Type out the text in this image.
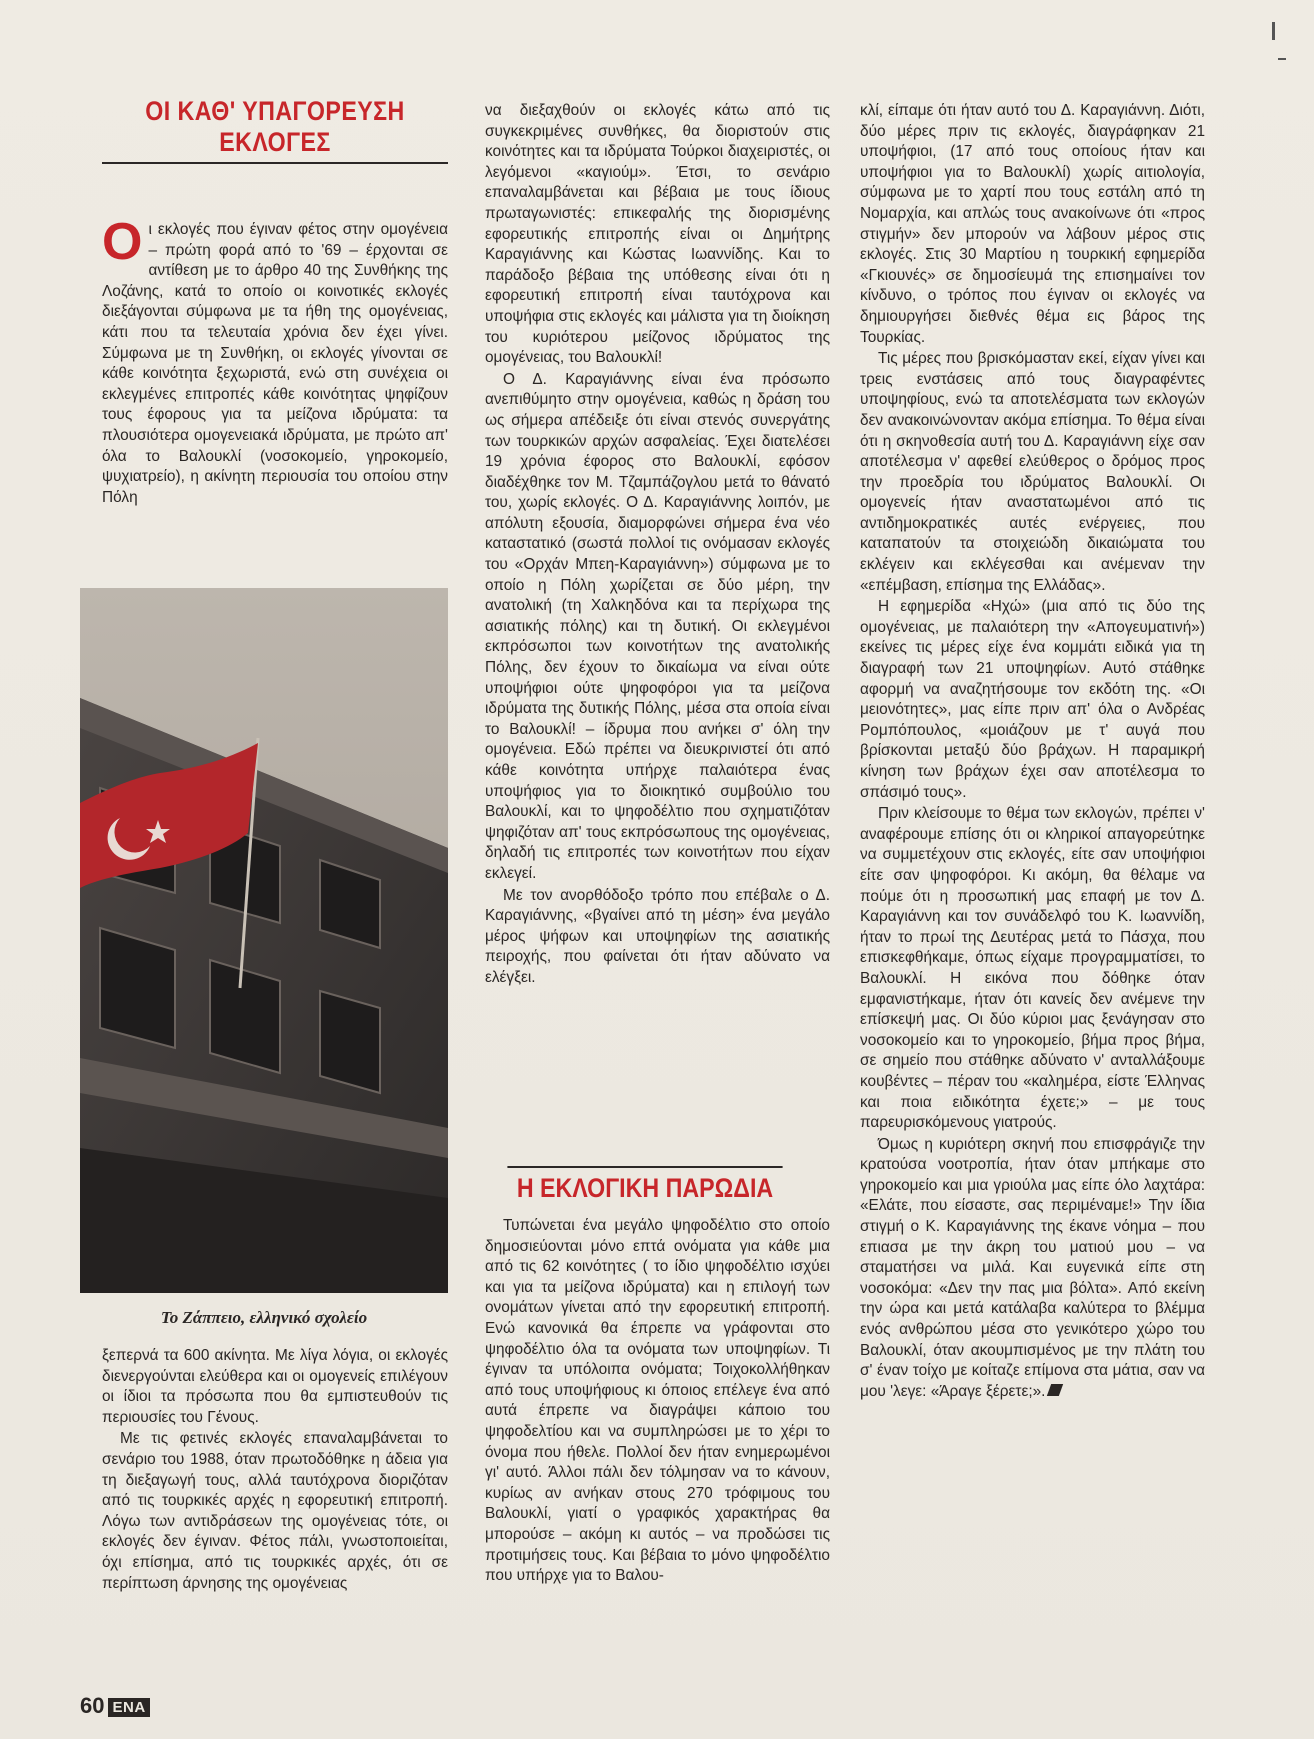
ΟΙ ΚΑΘ' ΥΠΑΓΟΡΕΥΣΗ ΕΚΛΟΓΕΣ

Οι εκλογές που έγιναν φέτος στην ομογένεια – πρώτη φορά από το '69 – έρχονται σε αντίθεση με το άρθρο 40 της Συνθήκης της Λοζάνης, κατά το οποίο οι κοινοτικές εκλογές διεξάγονται σύμφωνα με τα ήθη της ομογένειας, κάτι που τα τελευταία χρόνια δεν έχει γίνει. Σύμφωνα με τη Συνθήκη, οι εκλογές γίνονται σε κάθε κοινότητα ξεχωριστά, ενώ στη συνέχεια οι εκλεγμένες επιτροπές κάθε κοινότητας ψηφίζουν τους έφορους για τα μείζονα ιδρύματα: τα πλουσιότερα ομογενειακά ιδρύματα, με πρώτο απ' όλα το Βαλουκλί (νοσοκομείο, γηροκομείο, ψυχιατρείο), η ακίνητη περιουσία του οποίου στην Πόλη

Το Ζάππειο, ελληνικό σχολείο

ξεπερνά τα 600 ακίνητα. Με λίγα λόγια, οι εκλογές διενεργούνται ελεύθερα και οι ομογενείς επιλέγουν οι ίδιοι τα πρόσωπα που θα εμπιστευθούν τις περιουσίες του Γένους.

Με τις φετινές εκλογές επαναλαμβάνεται το σενάριο του 1988, όταν πρωτοδόθηκε η άδεια για τη διεξαγωγή τους, αλλά ταυτόχρονα διοριζόταν από τις τουρκικές αρχές η εφορευτική επιτροπή. Λόγω των αντιδράσεων της ομογένειας τότε, οι εκλογές δεν έγιναν. Φέτος πάλι, γνωστοποιείται, όχι επίσημα, από τις τουρκικές αρχές, ότι σε περίπτωση άρνησης της ομογένειας

να διεξαχθούν οι εκλογές κάτω από τις συγκεκριμένες συνθήκες, θα διοριστούν στις κοινότητες και τα ιδρύματα Τούρκοι διαχειριστές, οι λεγόμενοι «καγιούμ». Έτσι, το σενάριο επαναλαμβάνεται και βέβαια με τους ίδιους πρωταγωνιστές: επικεφαλής της διορισμένης εφορευτικής επιτροπής είναι οι Δημήτρης Καραγιάννης και Κώστας Ιωαννίδης. Και το παράδοξο βέβαια της υπόθεσης είναι ότι η εφορευτική επιτροπή είναι ταυτόχρονα και υποψήφια στις εκλογές και μάλιστα για τη διοίκηση του κυριότερου μείζονος ιδρύματος της ομογένειας, του Βαλουκλί!

Ο Δ. Καραγιάννης είναι ένα πρόσωπο ανεπιθύμητο στην ομογένεια, καθώς η δράση του ως σήμερα απέδειξε ότι είναι στενός συνεργάτης των τουρκικών αρχών ασφαλείας. Έχει διατελέσει 19 χρόνια έφορος στο Βαλουκλί, εφόσον διαδέχθηκε τον Μ. Τζαμπάζογλου μετά το θάνατό του, χωρίς εκλογές. Ο Δ. Καραγιάννης λοιπόν, με απόλυτη εξουσία, διαμορφώνει σήμερα ένα νέο καταστατικό (σωστά πολλοί τις ονόμασαν εκλογές του «Ορχάν Μπεη-Καραγιάννη») σύμφωνα με το οποίο η Πόλη χωρίζεται σε δύο μέρη, την ανατολική (τη Χαλκηδόνα και τα περίχωρα της ασιατικής πόλης) και τη δυτική. Οι εκλεγμένοι εκπρόσωποι των κοινοτήτων της ανατολικής Πόλης, δεν έχουν το δικαίωμα να είναι ούτε υποψήφιοι ούτε ψηφοφόροι για τα μείζονα ιδρύματα της δυτικής Πόλης, μέσα στα οποία είναι το Βαλουκλί! – ίδρυμα που ανήκει σ' όλη την ομογένεια. Εδώ πρέπει να διευκρινιστεί ότι από κάθε κοινότητα υπήρχε παλαιότερα ένας υποψήφιος για το διοικητικό συμβούλιο του Βαλουκλί, και το ψηφοδέλτιο που σχηματιζόταν ψηφιζόταν απ' τους εκπρόσωπους της ομογένειας, δηλαδή τις επιτροπές των κοινοτήτων που είχαν εκλεγεί.

Με τον ανορθόδοξο τρόπο που επέβαλε ο Δ. Καραγιάννης, «βγαίνει από τη μέση» ένα μεγάλο μέρος ψήφων και υποψηφίων της ασιατικής πειροχής, που φαίνεται ότι ήταν αδύνατο να ελέγξει.

Η ΕΚΛΟΓΙΚΗ ΠΑΡΩΔΙΑ

Τυπώνεται ένα μεγάλο ψηφοδέλτιο στο οποίο δημοσιεύονται μόνο επτά ονόματα για κάθε μια από τις 62 κοινότητες ( το ίδιο ψηφοδέλτιο ισχύει και για τα μείζονα ιδρύματα) και η επιλογή των ονομάτων γίνεται από την εφορευτική επιτροπή. Ενώ κανονικά θα έπρεπε να γράφονται στο ψηφοδέλτιο όλα τα ονόματα των υποψηφίων. Τι έγιναν τα υπόλοιπα ονόματα; Τοιχοκολλήθηκαν από τους υποψήφιους κι όποιος επέλεγε ένα από αυτά έπρεπε να διαγράψει κάποιο του ψηφοδελτίου και να συμπληρώσει με το χέρι το όνομα που ήθελε. Πολλοί δεν ήταν ενημερωμένοι γι' αυτό. Άλλοι πάλι δεν τόλμησαν να το κάνουν, κυρίως αν ανήκαν στους 270 τρόφιμους του Βαλουκλί, γιατί ο γραφικός χαρακτήρας θα μπορούσε – ακόμη κι αυτός – να προδώσει τις προτιμήσεις τους. Και βέβαια το μόνο ψηφοδέλτιο που υπήρχε για το Βαλου-

κλί, είπαμε ότι ήταν αυτό του Δ. Καραγιάννη. Διότι, δύο μέρες πριν τις εκλογές, διαγράφηκαν 21 υποψήφιοι, (17 από τους οποίους ήταν και υποψήφιοι για το Βαλουκλί) χωρίς αιτιολογία, σύμφωνα με το χαρτί που τους εστάλη από τη Νομαρχία, και απλώς τους ανακοίνωνε ότι «προς στιγμήν» δεν μπορούν να λάβουν μέρος στις εκλογές. Στις 30 Μαρτίου η τουρκική εφημερίδα «Γκιουνές» σε δημοσίευμά της επισημαίνει τον κίνδυνο, ο τρόπος που έγιναν οι εκλογές να δημιουργήσει διεθνές θέμα εις βάρος της Τουρκίας.

Τις μέρες που βρισκόμασταν εκεί, είχαν γίνει και τρεις ενστάσεις από τους διαγραφέντες υποψηφίους, ενώ τα αποτελέσματα των εκλογών δεν ανακοινώνονταν ακόμα επίσημα. Το θέμα είναι ότι η σκηνοθεσία αυτή του Δ. Καραγιάννη είχε σαν αποτέλεσμα ν' αφεθεί ελεύθερος ο δρόμος προς την προεδρία του ιδρύματος Βαλουκλί. Οι ομογενείς ήταν αναστατωμένοι από τις αντιδημοκρατικές αυτές ενέργειες, που καταπατούν τα στοιχειώδη δικαιώματα του εκλέγειν και εκλέγεσθαι και ανέμεναν την «επέμβαση, επίσημα της Ελλάδας».

Η εφημερίδα «Ηχώ» (μια από τις δύο της ομογένειας, με παλαιότερη την «Απογευματινή») εκείνες τις μέρες είχε ένα κομμάτι ειδικά για τη διαγραφή των 21 υποψηφίων. Αυτό στάθηκε αφορμή να αναζητήσουμε τον εκδότη της. «Οι μειονότητες», μας είπε πριν απ' όλα ο Ανδρέας Ρομπόπουλος, «μοιάζουν με τ' αυγά που βρίσκονται μεταξύ δύο βράχων. Η παραμικρή κίνηση των βράχων έχει σαν αποτέλεσμα το σπάσιμό τους».

Πριν κλείσουμε το θέμα των εκλογών, πρέπει ν' αναφέρουμε επίσης ότι οι κληρικοί απαγορεύτηκε να συμμετέχουν στις εκλογές, είτε σαν υποψήφιοι είτε σαν ψηφοφόροι. Κι ακόμη, θα θέλαμε να πούμε ότι η προσωπική μας επαφή με τον Δ. Καραγιάννη και τον συνάδελφό του Κ. Ιωαννίδη, ήταν το πρωί της Δευτέρας μετά το Πάσχα, που επισκεφθήκαμε, όπως είχαμε προγραμματίσει, το Βαλουκλί. Η εικόνα που δόθηκε όταν εμφανιστήκαμε, ήταν ότι κανείς δεν ανέμενε την επίσκεψή μας. Οι δύο κύριοι μας ξενάγησαν στο νοσοκομείο και το γηροκομείο, βήμα προς βήμα, σε σημείο που στάθηκε αδύνατο ν' ανταλλάξουμε κουβέντες – πέραν του «καλημέρα, είστε Έλληνας και ποια ειδικότητα έχετε;» – με τους παρευρισκόμενους γιατρούς.

Όμως η κυριότερη σκηνή που επισφράγιζε την κρατούσα νοοτροπία, ήταν όταν μπήκαμε στο γηροκομείο και μια γριούλα μας είπε όλο λαχτάρα: «Ελάτε, που είσαστε, σας περιμέναμε!» Την ίδια στιγμή ο Κ. Καραγιάννης της έκανε νόημα – που επιασα με την άκρη του ματιού μου – να σταματήσει να μιλά. Και ευγενικά είπε στη νοσοκόμα: «Δεν την πας μια βόλτα». Από εκείνη την ώρα και μετά κατάλαβα καλύτερα το βλέμμα ενός ανθρώπου μέσα στο γενικότερο χώρο του Βαλουκλί, όταν ακουμπισμένος με την πλάτη του σ' έναν τοίχο με κοίταζε επίμονα στα μάτια, σαν να μου 'λεγε: «Άραγε ξέρετε;».

60 ΕΝΑ
